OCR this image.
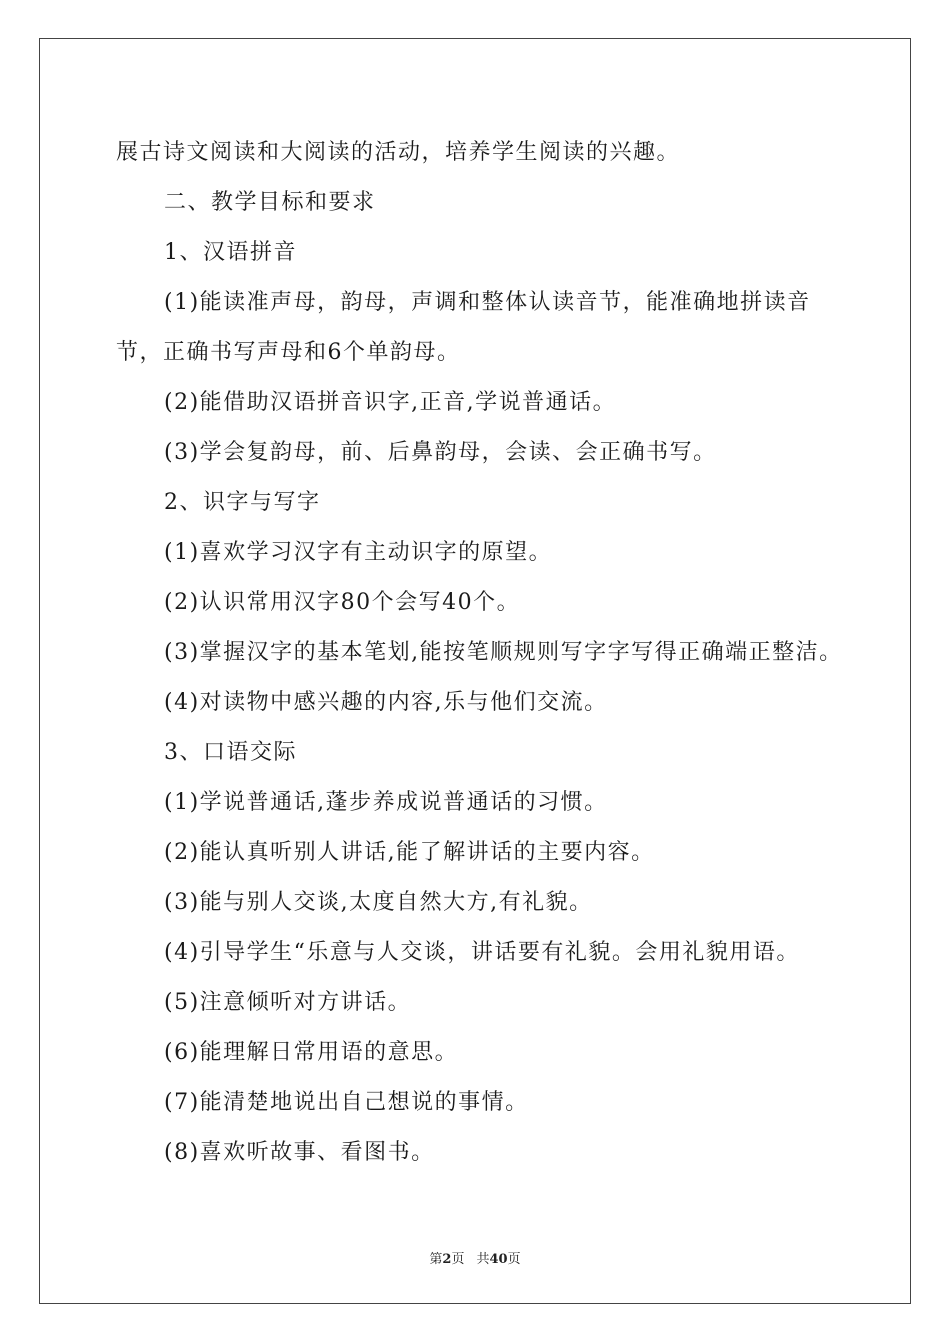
展古诗文阅读和大阅读的活动，培养学生阅读的兴趣。
二、教学目标和要求
1、汉语拼音
(1)能读准声母，韵母，声调和整体认读音节，能准确地拼读音
节，正确书写声母和6个单韵母。
(2)能借助汉语拼音识字,正音,学说普通话。
(3)学会复韵母，前、后鼻韵母，会读、会正确书写。
2、识字与写字
(1)喜欢学习汉字有主动识字的原望。
(2)认识常用汉字80个会写40个。
(3)掌握汉字的基本笔划,能按笔顺规则写字字写得正确端正整洁。
(4)对读物中感兴趣的内容,乐与他们交流。
3、口语交际
(1)学说普通话,蓬步养成说普通话的习惯。
(2)能认真听别人讲话,能了解讲话的主要内容。
(3)能与别人交谈,太度自然大方,有礼貌。
(4)引导学生“乐意与人交谈，讲话要有礼貌。会用礼貌用语。
(5)注意倾听对方讲话。
(6)能理解日常用语的意思。
(7)能清楚地说出自己想说的事情。
(8)喜欢听故事、看图书。
第2页 共40页
